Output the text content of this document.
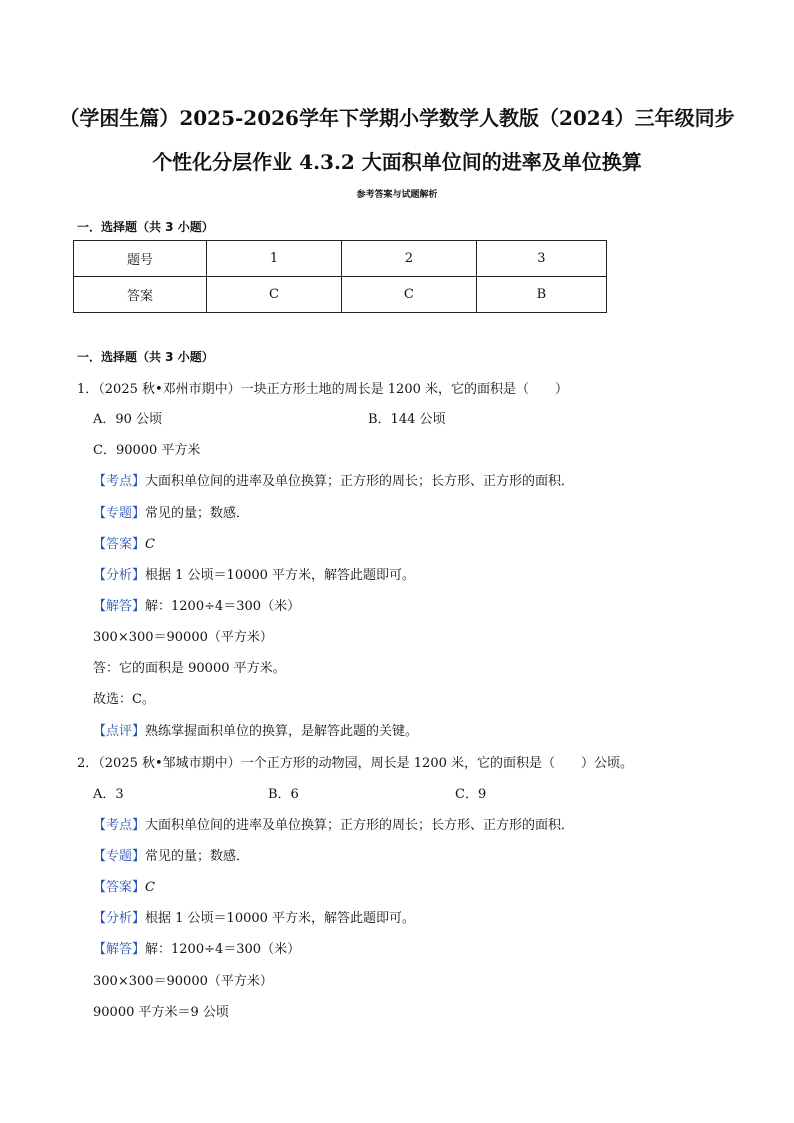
（学困生篇）2025-2026学年下学期小学数学人教版（2024）三年级同步
个性化分层作业 4.3.2 大面积单位间的进率及单位换算
参考答案与试题解析
一．选择题（共 3 小题）
题号	1	2	3
答案	C	C	B
一．选择题（共 3 小题）
1．（2025 秋•邓州市期中）一块正方形土地的周长是 1200 米，它的面积是（　　）
A．90 公顷	B．144 公顷
C．90000 平方米
【考点】大面积单位间的进率及单位换算；正方形的周长；长方形、正方形的面积．
【专题】常见的量；数感．
【答案】C
【分析】根据 1 公顷＝10000 平方米，解答此题即可。
【解答】解：1200÷4＝300（米）
300×300＝90000（平方米）
答：它的面积是 90000 平方米。
故选：C。
【点评】熟练掌握面积单位的换算，是解答此题的关键。
2．（2025 秋•邹城市期中）一个正方形的动物园，周长是 1200 米，它的面积是（　　）公顷。
A．3	B．6	C．9
【考点】大面积单位间的进率及单位换算；正方形的周长；长方形、正方形的面积．
【专题】常见的量；数感．
【答案】C
【分析】根据 1 公顷＝10000 平方米，解答此题即可。
【解答】解：1200÷4＝300（米）
300×300＝90000（平方米）
90000 平方米＝9 公顷
